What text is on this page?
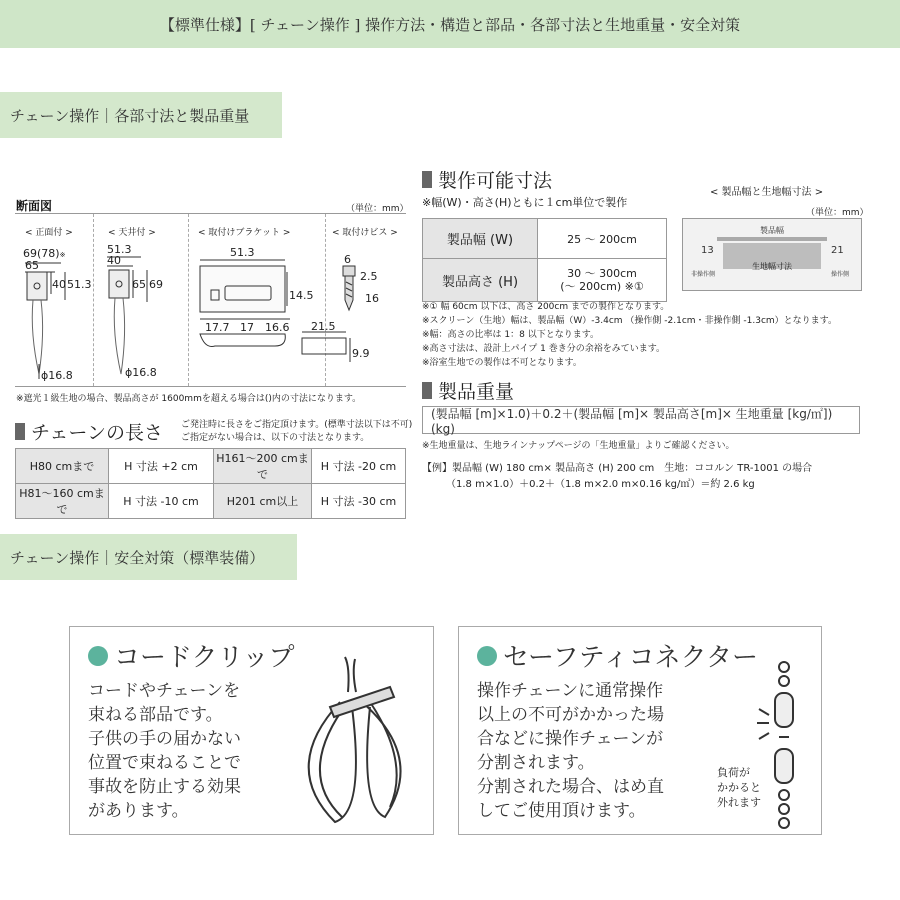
【標準仕様】[ チェーン操作 ] 操作方法・構造と部品・各部寸法と生地重量・安全対策
チェーン操作｜各部寸法と製品重量
断面図	（単位：mm）
< 正面付 >	< 天井付 >	< 取付けブラケット >	< 取付けビス >
69(78)※
65
40 51.3
ϕ16.8
51.3
40
65 69
ϕ16.8
51.3
14.5
17.7 17 16.6 21.5
9.9
6
2.5
16
※遮光１級生地の場合、製品高さが 1600mmを超える場合は()内の寸法になります。
チェーンの長さ ご発注時に長さをご指定頂けます。(標準寸法以下は不可)
ご指定がない場合は、以下の寸法となります。
H80 cmまで	H 寸法 +2 cm	H161〜200 cmまで	H 寸法 -20 cm
H81〜160 cmまで	H 寸法 -10 cm	H201 cm以上	H 寸法 -30 cm
製作可能寸法
※幅(W)・高さ(H)ともに１cm単位で製作
製品幅 (W)	25 〜 200cm
製品高さ (H)	30 〜 300cm
(〜 200cm) ※①
< 製品幅と生地幅寸法 >
（単位：mm）
製品幅
生地幅寸法
13	21
非操作側	操作側
※① 幅 60cm 以下は、高さ 200cm までの製作となります。
※スクリーン（生地）幅は、製品幅（W）-3.4cm （操作側 -2.1cm・非操作側 -1.3cm）となります。
※幅：高さの比率は 1：8 以下となります。
※高さ寸法は、設計上パイプ 1 巻き分の余裕をみています。
※浴室生地での製作は不可となります。
製品重量
(製品幅 [m]×1.0)＋0.2＋(製品幅 [m]× 製品高さ[m]× 生地重量 [kg/㎡]) (kg)
※生地重量は、生地ラインナップページの「生地重量」よりご確認ください。
【例】製品幅 (W) 180 cm× 製品高さ (H) 200 cm　生地：ココルン TR-1001 の場合
（1.8 m×1.0）＋0.2＋（1.8 m×2.0 m×0.16 kg/㎡）＝約 2.6 kg
チェーン操作｜安全対策（標準装備）
コードクリップ
コードやチェーンを
束ねる部品です。
子供の手の届かない
位置で束ねることで
事故を防止する効果
があります。
セーフティコネクター
操作チェーンに通常操作
以上の不可がかかった場
合などに操作チェーンが
分割されます。
分割された場合、はめ直
してご使用頂けます。
負荷が
かかると
外れます
